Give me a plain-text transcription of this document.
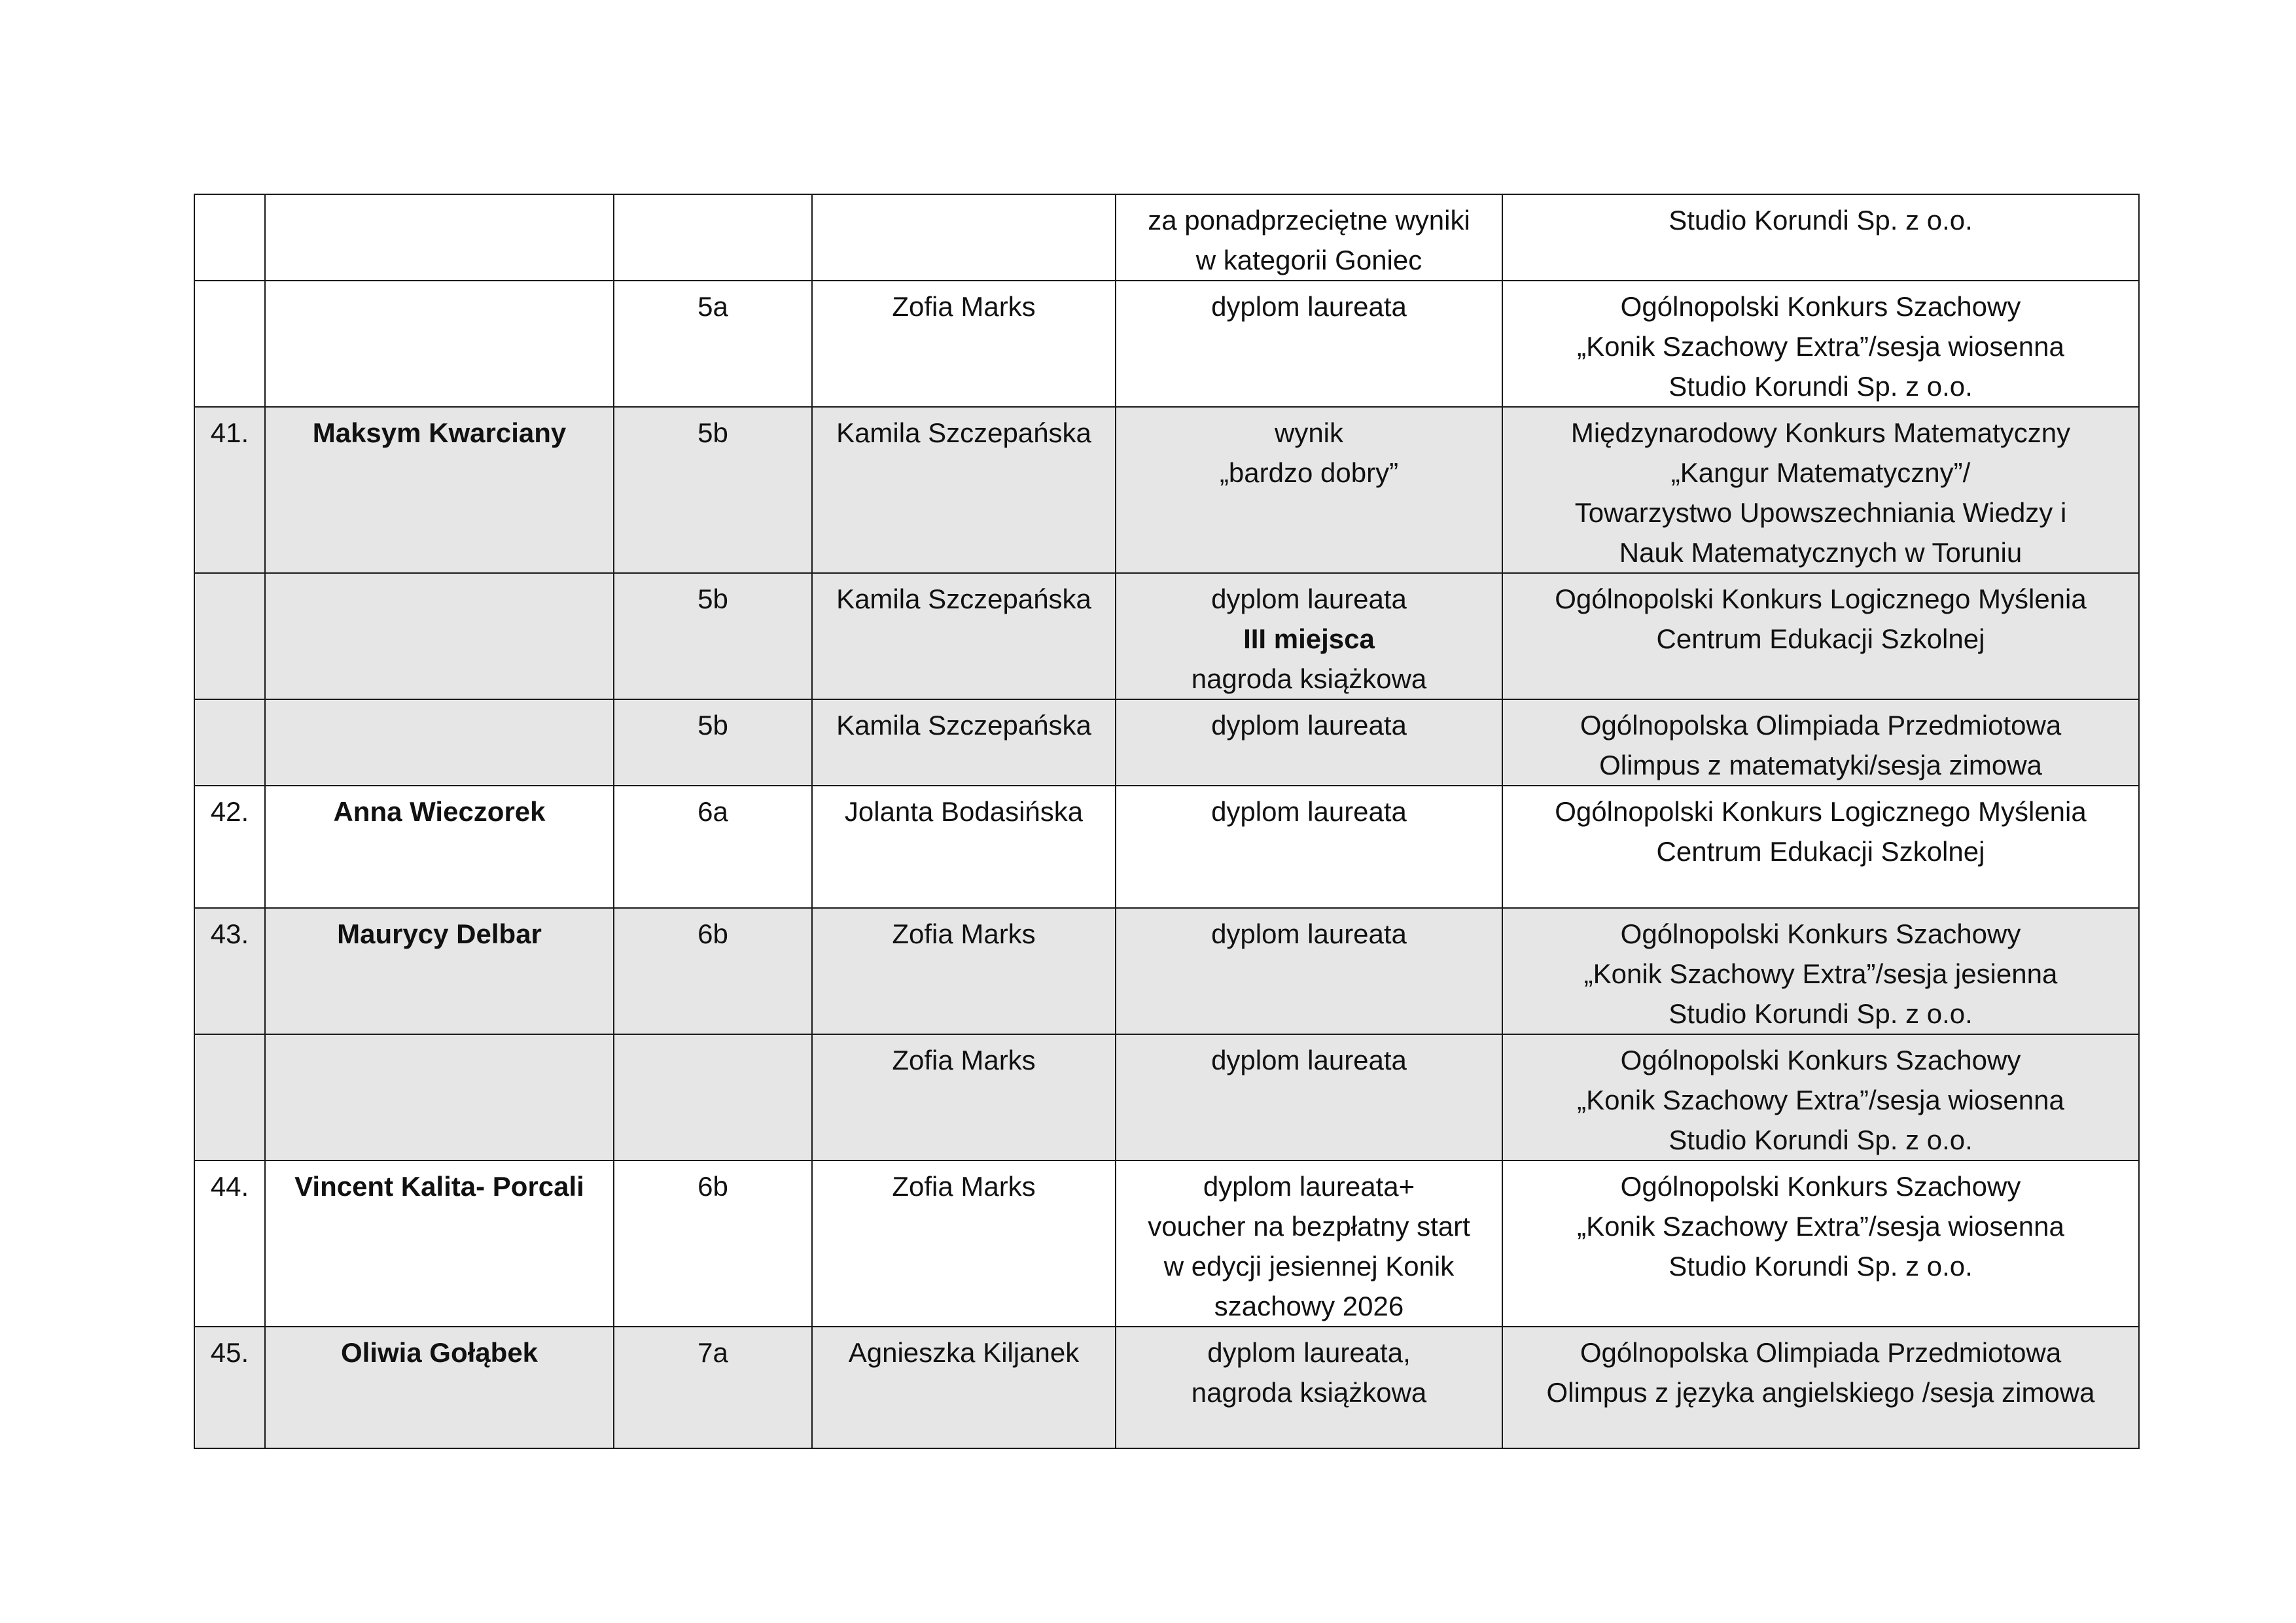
				za ponadprzeciętne wyniki
w kategorii Goniec	Studio Korundi Sp. z o.o.

		5a	Zofia Marks	dyplom laureata	Ogólnopolski Konkurs Szachowy
„Konik Szachowy Extra”/sesja wiosenna
Studio Korundi Sp. z o.o.

41.	Maksym Kwarciany	5b	Kamila Szczepańska	wynik
„bardzo dobry”	Międzynarodowy Konkurs Matematyczny
„Kangur Matematyczny”/
Towarzystwo Upowszechniania Wiedzy i
Nauk Matematycznych w Toruniu

		5b	Kamila Szczepańska	dyplom laureata
III miejsca
nagroda książkowa	Ogólnopolski Konkurs Logicznego Myślenia
Centrum Edukacji Szkolnej

		5b	Kamila Szczepańska	dyplom laureata	Ogólnopolska Olimpiada Przedmiotowa
Olimpus z matematyki/sesja zimowa

42.	Anna Wieczorek	6a	Jolanta Bodasińska	dyplom laureata	Ogólnopolski Konkurs Logicznego Myślenia
Centrum Edukacji Szkolnej

43.	Maurycy Delbar	6b	Zofia Marks	dyplom laureata	Ogólnopolski Konkurs Szachowy
„Konik Szachowy Extra”/sesja jesienna
Studio Korundi Sp. z o.o.

			Zofia Marks	dyplom laureata	Ogólnopolski Konkurs Szachowy
„Konik Szachowy Extra”/sesja wiosenna
Studio Korundi Sp. z o.o.

44.	Vincent Kalita- Porcali	6b	Zofia Marks	dyplom laureata+
voucher na bezpłatny start
w edycji jesiennej Konik
szachowy 2026	Ogólnopolski Konkurs Szachowy
„Konik Szachowy Extra”/sesja wiosenna
Studio Korundi Sp. z o.o.

45.	Oliwia Gołąbek	7a	Agnieszka Kiljanek	dyplom laureata,
nagroda książkowa	Ogólnopolska Olimpiada Przedmiotowa
Olimpus z języka angielskiego /sesja zimowa
